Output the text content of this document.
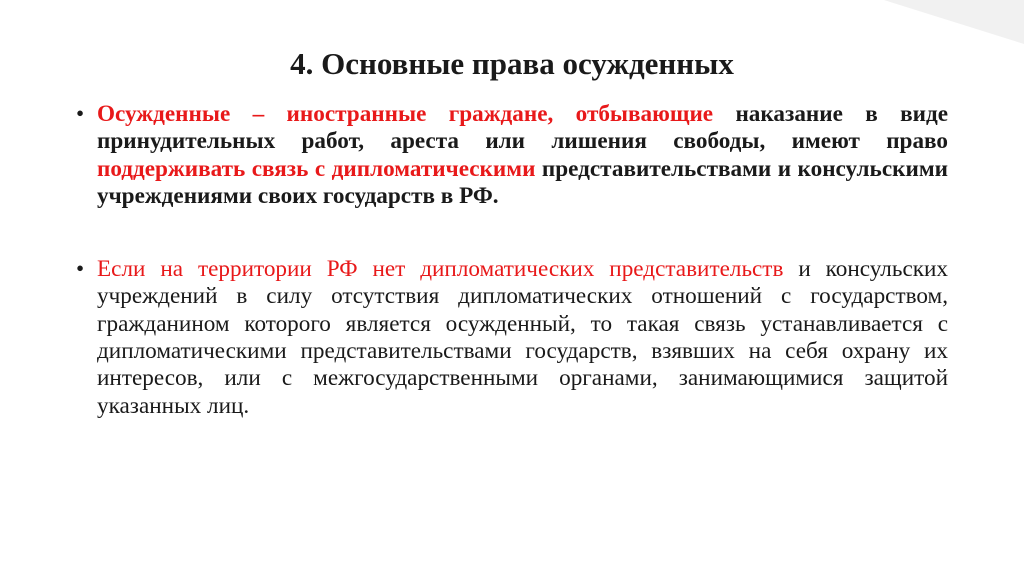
4. Основные права осужденных
• Осужденные – иностранные граждане, отбывающие наказание в виде принудительных работ, ареста или лишения свободы, имеют право поддерживать связь с дипломатическими представительствами и консульскими учреждениями своих государств в РФ.
• Если на территории РФ нет дипломатических представительств и консульских учреждений в силу отсутствия дипломатических отношений с государством, гражданином которого является осужденный, то такая связь устанавливается с дипломатическими представительствами государств, взявших на себя охрану их интересов, или с межгосударственными органами, занимающимися защитой указанных лиц.
